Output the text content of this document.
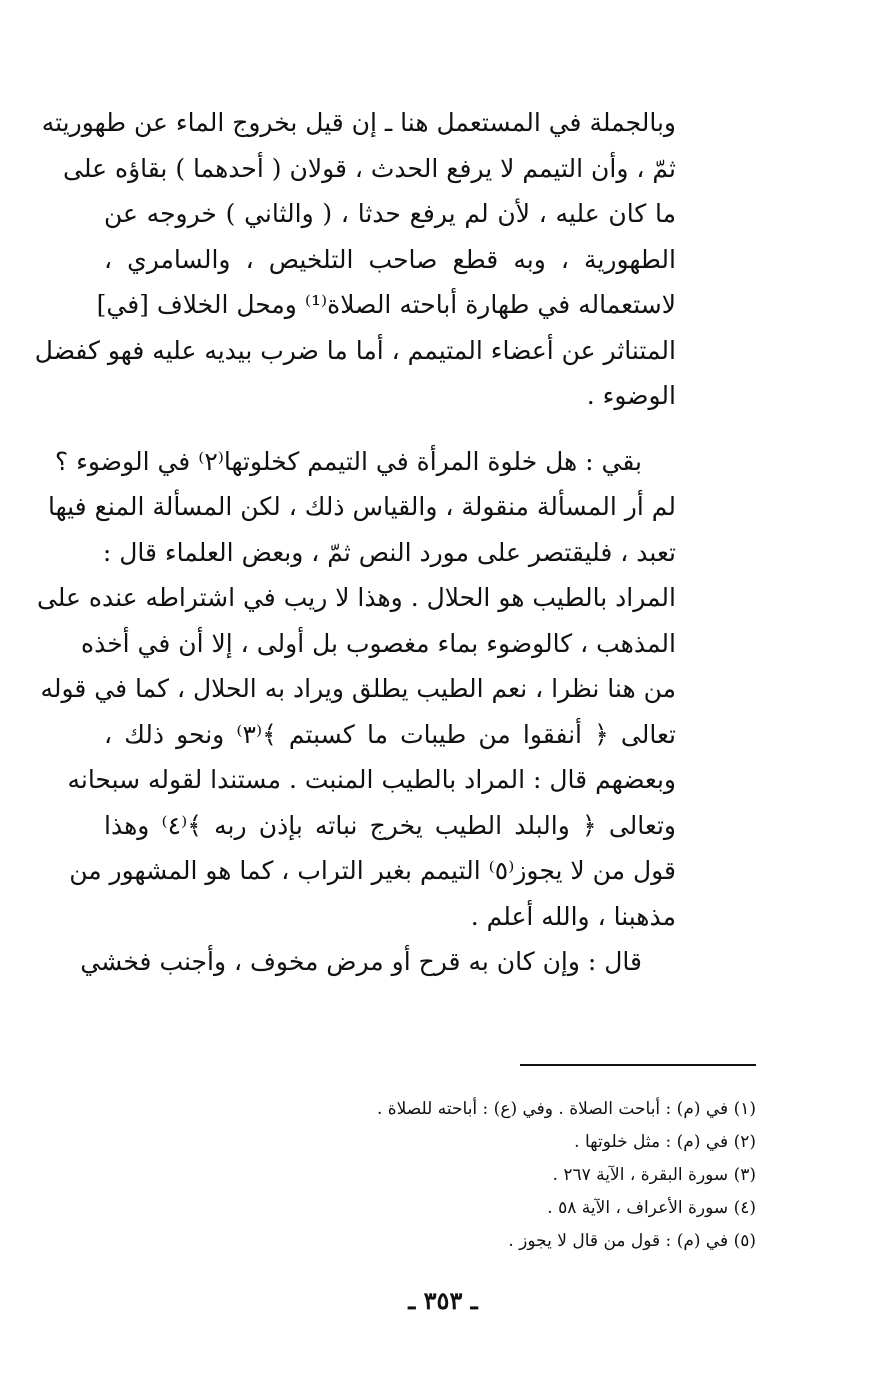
وبالجملة في المستعمل هنا ـ إن قيل بخروج الماء عن طهوريته
ثمّ ، وأن التيمم لا يرفع الحدث ، قولان ( أحدهما ) بقاؤه على
ما كان عليه ، لأن لم يرفع حدثا ، ( والثاني ) خروجه عن
الطهورية ، وبه قطع صاحب التلخيص ، والسامري ،
لاستعماله في طهارة أباحته الصلاة⁽¹⁾ ومحل الخلاف [في]
المتناثر عن أعضاء المتيمم ، أما ما ضرب بيديه عليه فهو كفضل
الوضوء .
بقي : هل خلوة المرأة في التيمم كخلوتها⁽٢⁾ في الوضوء ؟
لم أر المسألة منقولة ، والقياس ذلك ، لكن المسألة المنع فيها
تعبد ، فليقتصر على مورد النص ثمّ ، وبعض العلماء قال :
المراد بالطيب هو الحلال . وهذا لا ريب في اشتراطه عنده على
المذهب ، كالوضوء بماء مغصوب بل أولى ، إلا أن في أخذه
من هنا نظرا ، نعم الطيب يطلق ويراد به الحلال ، كما في قوله
تعالى ﴿ أنفقوا من طيبات ما كسبتم ﴾⁽٣⁾ ونحو ذلك ،
وبعضهم قال : المراد بالطيب المنبت . مستندا لقوله سبحانه
وتعالى ﴿ والبلد الطيب يخرج نباته بإذن ربه ﴾⁽٤⁾ وهذا
قول من لا يجوز⁽٥⁾ التيمم بغير التراب ، كما هو المشهور من
مذهبنا ، والله أعلم .
قال : وإن كان به قرح أو مرض مخوف ، وأجنب فخشي
(١) في (م) : أباحت الصلاة . وفي (ع) : أباحته للصلاة .
(٢) في (م) : مثل خلوتها .
(٣) سورة البقرة ، الآية ٢٦٧ .
(٤) سورة الأعراف ، الآية ٥٨ .
(٥) في (م) : قول من قال لا يجوز .
ـ ٣٥٣ ـ
